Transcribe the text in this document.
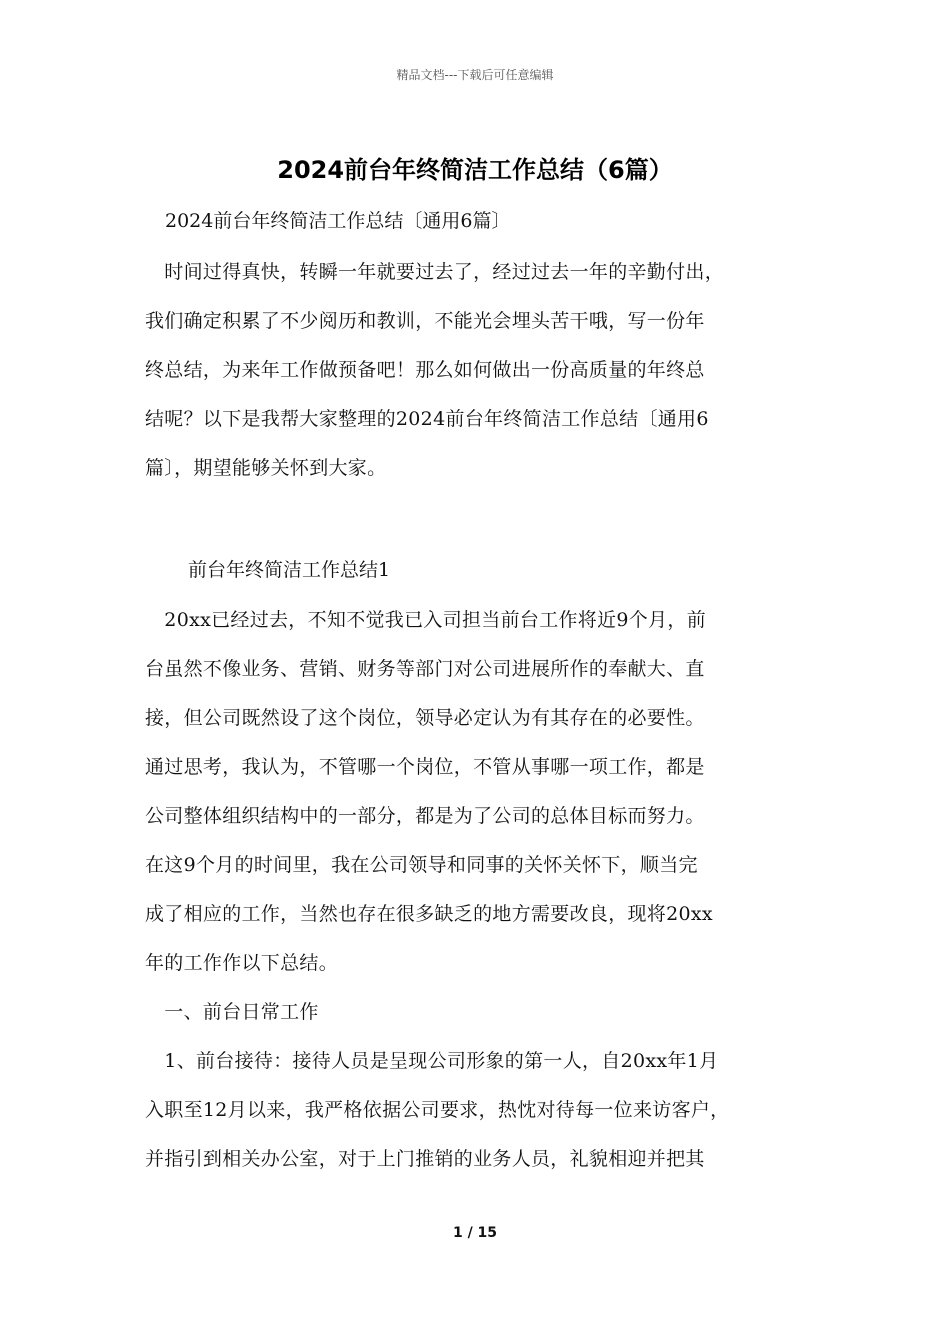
精品文档---下载后可任意编辑
2024前台年终简洁工作总结（6篇）
2024前台年终简洁工作总结〔通用6篇〕
　时间过得真快，转瞬一年就要过去了，经过过去一年的辛勤付出，
我们确定积累了不少阅历和教训，不能光会埋头苦干哦，写一份年
终总结，为来年工作做预备吧！那么如何做出一份高质量的年终总
结呢？以下是我帮大家整理的2024前台年终简洁工作总结〔通用6
篇〕，期望能够关怀到大家。
前台年终简洁工作总结1
　20xx已经过去，不知不觉我已入司担当前台工作将近9个月，前
台虽然不像业务、营销、财务等部门对公司进展所作的奉献大、直
接，但公司既然设了这个岗位，领导必定认为有其存在的必要性。
通过思考，我认为，不管哪一个岗位，不管从事哪一项工作，都是
公司整体组织结构中的一部分，都是为了公司的总体目标而努力。
在这9个月的时间里，我在公司领导和同事的关怀关怀下，顺当完
成了相应的工作，当然也存在很多缺乏的地方需要改良，现将20xx
年的工作作以下总结。
　一、前台日常工作
　1、前台接待：接待人员是呈现公司形象的第一人，自20xx年1月
入职至12月以来，我严格依据公司要求，热忱对待每一位来访客户，
并指引到相关办公室，对于上门推销的业务人员，礼貌相迎并把其
1 / 15
